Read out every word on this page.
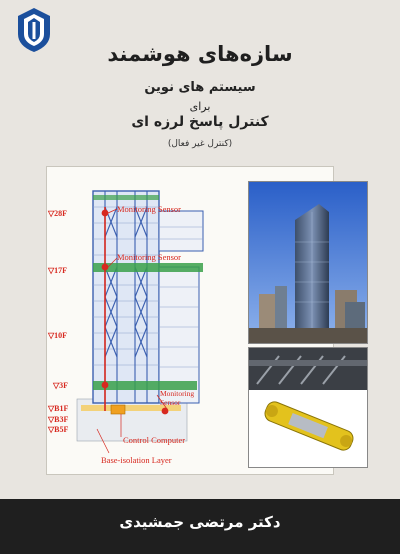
سازه‌های هوشمند
سیستم های نوین
برای
کنترل پاسخ لرزه ای
(کنترل غیر فعال)
▽28F
▽17F
▽10F
▽3F
▽B1F
▽B3F
▽B5F
Monitoring Sensor
Monitoring Sensor
Monitoring
Sensor
Control Computer
Base-isolation Layer
دکتر مرتضی جمشیدی
